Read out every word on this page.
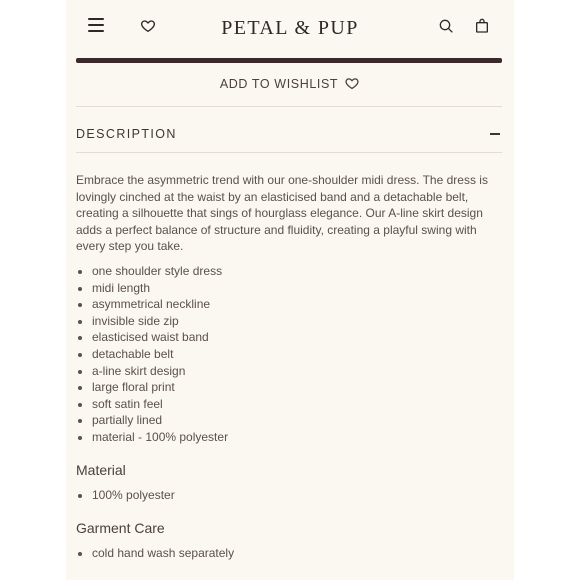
PETAL & PUP
ADD TO WISHLIST
DESCRIPTION
Embrace the asymmetric trend with our one-shoulder midi dress. The dress is lovingly cinched at the waist by an elasticised band and a detachable belt, creating a silhouette that sings of hourglass elegance. Our A-line skirt design adds a perfect balance of structure and fluidity, creating a playful swing with every step you take.
one shoulder style dress
midi length
asymmetrical neckline
invisible side zip
elasticised waist band
detachable belt
a-line skirt design
large floral print
soft satin feel
partially lined
material - 100% polyester
Material
100% polyester
Garment Care
cold hand wash separately
